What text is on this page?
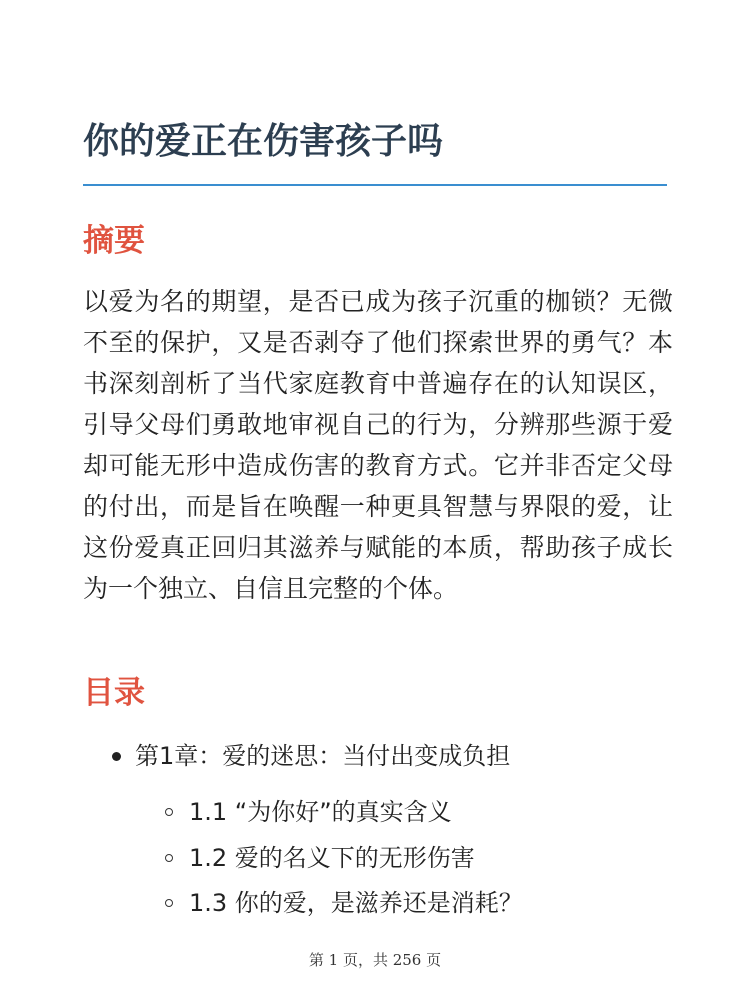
你的爱正在伤害孩子吗
摘要

以爱为名的期望，是否已成为孩子沉重的枷锁？无微不至的保护，又是否剥夺了他们探索世界的勇气？本书深刻剖析了当代家庭教育中普遍存在的认知误区，引导父母们勇敢地审视自己的行为，分辨那些源于爱却可能无形中造成伤害的教育方式。它并非否定父母的付出，而是旨在唤醒一种更具智慧与界限的爱，让这份爱真正回归其滋养与赋能的本质，帮助孩子成长为一个独立、自信且完整的个体。

目录

第1章：爱的迷思：当付出变成负担

1.1 “为你好”的真实含义

1.2 爱的名义下的无形伤害

1.3 你的爱，是滋养还是消耗？

第 1 页，共 256 页
